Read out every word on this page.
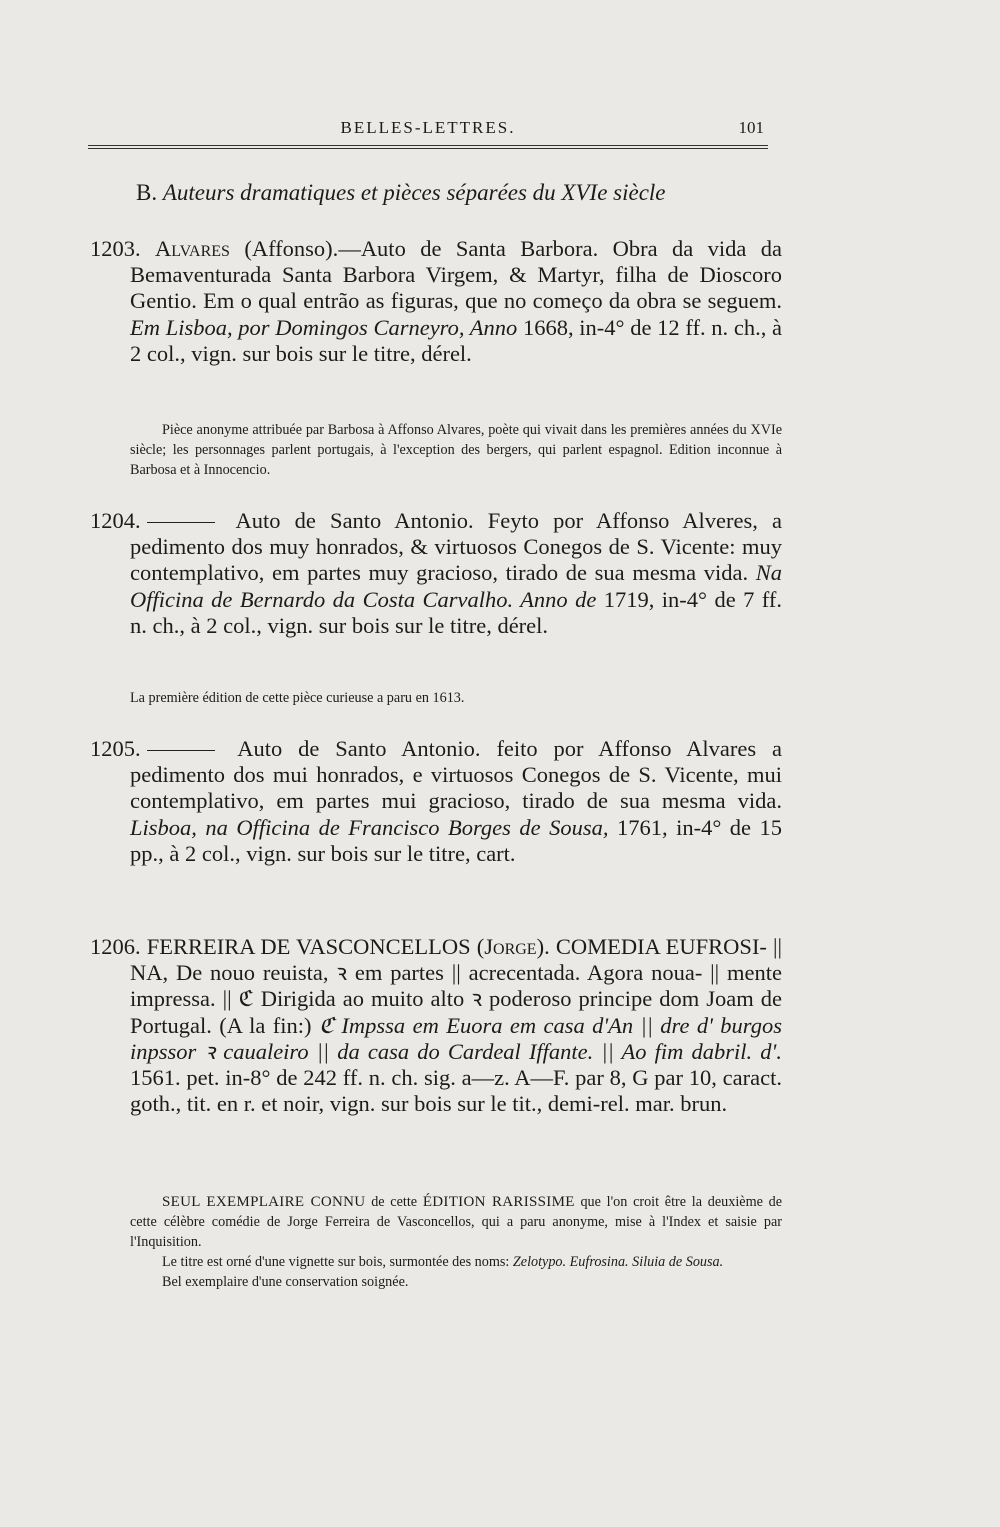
BELLES-LETTRES.	101
B. Auteurs dramatiques et pièces séparées du XVIe siècle
1203. Alvares (Affonso).—Auto de Santa Barbora. Obra da vida da Bemaventurada Santa Barbora Virgem, & Martyr, filha de Dioscoro Gentio. Em o qual entrão as figuras, que no começo da obra se seguem. Em Lisboa, por Domingos Carneyro, Anno 1668, in-4° de 12 ff. n. ch., à 2 col., vign. sur bois sur le titre, dérel.

Pièce anonyme attribuée par Barbosa à Affonso Alvares, poète qui vivait dans les premières années du XVIe siècle; les personnages parlent portugais, à l'exception des bergers, qui parlent espagnol. Edition inconnue à Barbosa et à Innocencio.

1204.	Auto de Santo Antonio. Feyto por Affonso Alveres, a pedimento dos muy honrados, & virtuosos Conegos de S. Vicente: muy contemplativo, em partes muy gracioso, tirado de sua mesma vida. Na Officina de Bernardo da Costa Carvalho. Anno de 1719, in-4° de 7 ff. n. ch., à 2 col., vign. sur bois sur le titre, dérel.

La première édition de cette pièce curieuse a paru en 1613.

1205.	Auto de Santo Antonio. feito por Affonso Alvares a pedimento dos mui honrados, e virtuosos Conegos de S. Vicente, mui contemplativo, em partes mui gracioso, tirado de sua mesma vida. Lisboa, na Officina de Francisco Borges de Sousa, 1761, in-4° de 15 pp., à 2 col., vign. sur bois sur le titre, cart.
1206. FERREIRA DE VASCONCELLOS (Jorge). COMEDIA EUFROSI- || NA, De nouo reuista, ꝛ em partes || acrecentada. Agora noua- || mente impressa. || ℭ Dirigida ao muito alto ꝛ poderoso principe dom Joam de Portugal. (A la fin:) ℭ Impssa em Euora em casa d'An || dre d' burgos inpssor ꝛ caualeiro || da casa do Cardeal Iffante. || Ao fim dabril. d'. 1561. pet. in-8° de 242 ff. n. ch. sig. a—z. A—F. par 8, G par 10, caract. goth., tit. en r. et noir, vign. sur bois sur le tit., demi-rel. mar. brun.

SEUL EXEMPLAIRE CONNU de cette ÉDITION RARISSIME que l'on croit être la deuxième de cette célèbre comédie de Jorge Ferreira de Vasconcellos, qui a paru anonyme, mise à l'Index et saisie par l'Inquisition.

Le titre est orné d'une vignette sur bois, surmontée des noms: Zelotypo. Eufrosina. Siluia de Sousa.

Bel exemplaire d'une conservation soignée.
